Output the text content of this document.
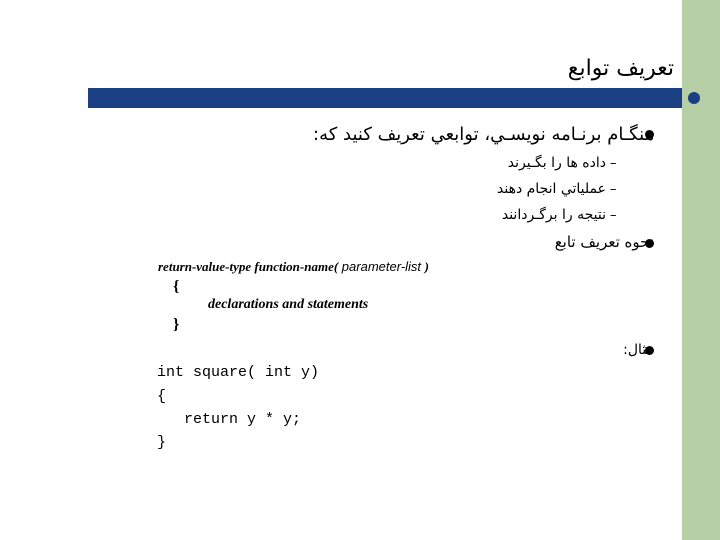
تعريف توابع
هنگـام برنـامه نويسـي، توابعي تعريف كنيد كه:
–
داده ها را بگـيرند
–
عملياتي انجام دهند
–
نتيجه را برگـردانند
نحوه تعريف تابع
return-value-type function-name( parameter-list )
{
declarations and statements
}
مثال:
int square( int y)
{
return y * y;
}
